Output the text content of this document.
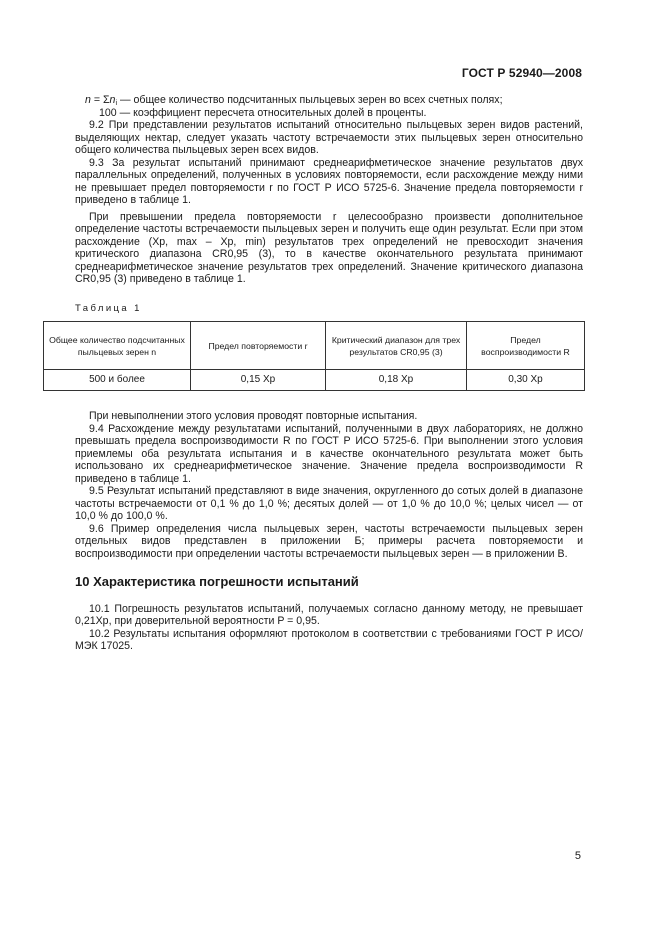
ГОСТ Р 52940—2008

$n = \Sigma n_i$ — общее количество подсчитанных пыльцевых зерен во всех счетных полях;

100 — коэффициент пересчета относительных долей в проценты.

9.2 При представлении результатов испытаний относительно пыльцевых зерен видов растений, выделяющих нектар, следует указать частоту встречаемости этих пыльцевых зерен относительно общего количества пыльцевых зерен всех видов.

9.3 За результат испытаний принимают среднеарифметическое значение результатов двух параллельных определений, полученных в условиях повторяемости, если расхождение между ними не превышает предел повторяемости r по ГОСТ Р ИСО 5725-6. Значение предела повторяемости r приведено в таблице 1.

При превышении предела повторяемости r целесообразно произвести дополнительное определение частоты встречаемости пыльцевых зерен и получить еще один результат. Если при этом расхождение (Xp, max – Xp, min) результатов трех определений не превосходит значения критического диапазона CR0,95 (3), то в качестве окончательного результата принимают среднеарифметическое значение результатов трех определений. Значение критического диапазона CR0,95 (3) приведено в таблице 1.

Таблица 1
Общее количество подсчитанных пыльцевых зерен n	Предел повторяемости r	Критический диапазон для трех результатов CR0,95 (3)	Предел воспроизводимости R
500 и более	0,15 Xp	0,18 Xp	0,30 Xp

При невыполнении этого условия проводят повторные испытания.

9.4 Расхождение между результатами испытаний, полученными в двух лабораториях, не должно превышать предела воспроизводимости R по ГОСТ Р ИСО 5725-6. При выполнении этого условия приемлемы оба результата испытания и в качестве окончательного результата может быть использовано их среднеарифметическое значение. Значение предела воспроизводимости R приведено в таблице 1.

9.5 Результат испытаний представляют в виде значения, округленного до сотых долей в диапазоне частоты встречаемости от 0,1 % до 1,0 %; десятых долей — от 1,0 % до 10,0 %; целых чисел — от 10,0 % до 100,0 %.

9.6 Пример определения числа пыльцевых зерен, частоты встречаемости пыльцевых зерен отдельных видов представлен в приложении Б; примеры расчета повторяемости и воспроизводимости при определении частоты встречаемости пыльцевых зерен — в приложении В.

10 Характеристика погрешности испытаний

10.1 Погрешность результатов испытаний, получаемых согласно данному методу, не превышает 0,21Xp, при доверительной вероятности P = 0,95.

10.2 Результаты испытания оформляют протоколом в соответствии с требованиями ГОСТ Р ИСО/МЭК 17025.

5
